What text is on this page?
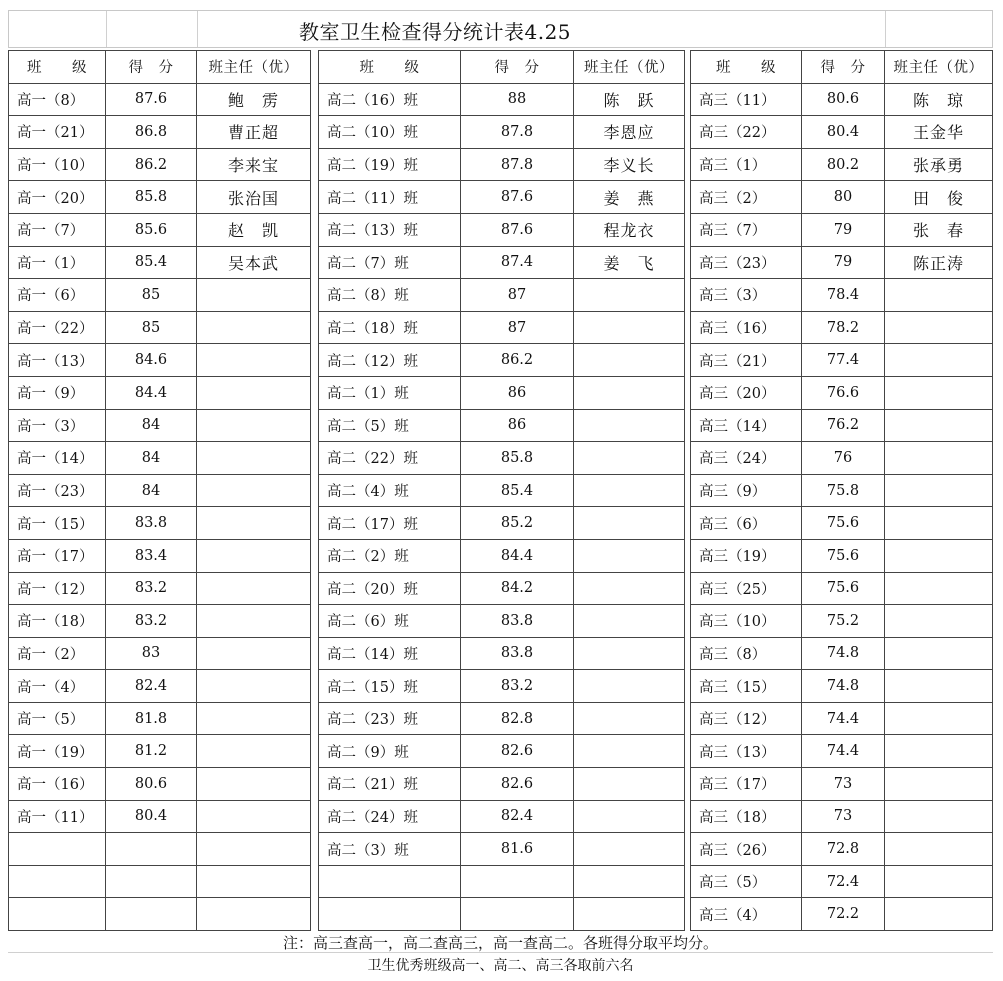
教室卫生检查得分统计表4.25
班　　级	得　分	班主任（优）
高一（8）	87.6	鲍　雳
高一（21）	86.8	曹正超
高一（10）	86.2	李来宝
高一（20）	85.8	张治国
高一（7）	85.6	赵　凯
高一（1）	85.4	吴本武
高一（6）	85	
高一（22）	85	
高一（13）	84.6	
高一（9）	84.4	
高一（3）	84	
高一（14）	84	
高一（23）	84	
高一（15）	83.8	
高一（17）	83.4	
高一（12）	83.2	
高一（18）	83.2	
高一（2）	83	
高一（4）	82.4	
高一（5）	81.8	
高一（19）	81.2	
高一（16）	80.6	
高一（11）	80.4	

班　　级	得　分	班主任（优）
高二（16）班	88	陈　跃
高二（10）班	87.8	李恩应
高二（19）班	87.8	李义长
高二（11）班	87.6	姜　燕
高二（13）班	87.6	程龙衣
高二（7）班	87.4	姜　飞
高二（8）班	87	
高二（18）班	87	
高二（12）班	86.2	
高二（1）班	86	
高二（5）班	86	
高二（22）班	85.8	
高二（4）班	85.4	
高二（17）班	85.2	
高二（2）班	84.4	
高二（20）班	84.2	
高二（6）班	83.8	
高二（14）班	83.8	
高二（15）班	83.2	
高二（23）班	82.8	
高二（9）班	82.6	
高二（21）班	82.6	
高二（24）班	82.4	
高二（3）班	81.6	

班　　级	得　分	班主任（优）
高三（11）	80.6	陈　琼
高三（22）	80.4	王金华
高三（1）	80.2	张承勇
高三（2）	80	田　俊
高三（7）	79	张　春
高三（23）	79	陈正涛
高三（3）	78.4	
高三（16）	78.2	
高三（21）	77.4	
高三（20）	76.6	
高三（14）	76.2	
高三（24）	76	
高三（9）	75.8	
高三（6）	75.6	
高三（19）	75.6	
高三（25）	75.6	
高三（10）	75.2	
高三（8）	74.8	
高三（15）	74.8	
高三（12）	74.4	
高三（13）	74.4	
高三（17）	73	
高三（18）	73	
高三（26）	72.8	
高三（5）	72.4	
高三（4）	72.2	
注：高三查高一，高二查高三，高一查高二。各班得分取平均分。
卫生优秀班级高一、高二、高三各取前六名
